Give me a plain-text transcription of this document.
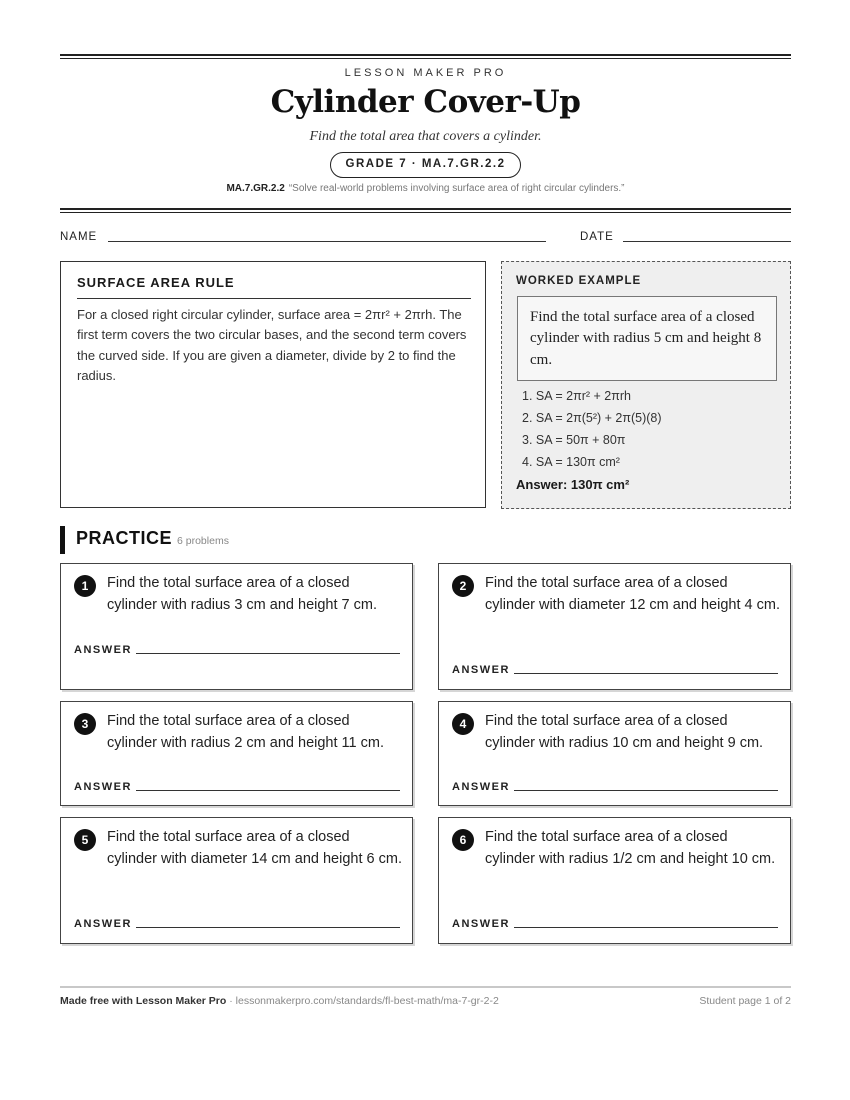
LESSON MAKER PRO
Cylinder Cover-Up
Find the total area that covers a cylinder.
GRADE 7 · MA.7.GR.2.2
MA.7.GR.2.2 “Solve real-world problems involving surface area of right circular cylinders.”
NAME	DATE
SURFACE AREA RULE

For a closed right circular cylinder, surface area = 2πr² + 2πrh. The first term covers the two circular bases, and the second term covers the curved side. If you are given a diameter, divide by 2 to find the radius.

WORKED EXAMPLE
Find the total surface area of a closed cylinder with radius 5 cm and height 8 cm.
1. SA = 2πr² + 2πrh
2. SA = 2π(5²) + 2π(5)(8)
3. SA = 50π + 80π
4. SA = 130π cm²
Answer: 130π cm²
PRACTICE 6 problems
1	Find the total surface area of a closed cylinder with radius 3 cm and height 7 cm.
ANSWER
2	Find the total surface area of a closed cylinder with diameter 12 cm and height 4 cm.
ANSWER
3	Find the total surface area of a closed cylinder with radius 2 cm and height 11 cm.
ANSWER
4	Find the total surface area of a closed cylinder with radius 10 cm and height 9 cm.
ANSWER
5	Find the total surface area of a closed cylinder with diameter 14 cm and height 6 cm.
ANSWER
6	Find the total surface area of a closed cylinder with radius 1/2 cm and height 10 cm.
ANSWER
Made free with Lesson Maker Pro · lessonmakerpro.com/standards/fl-best-math/ma-7-gr-2-2	Student page 1 of 2
